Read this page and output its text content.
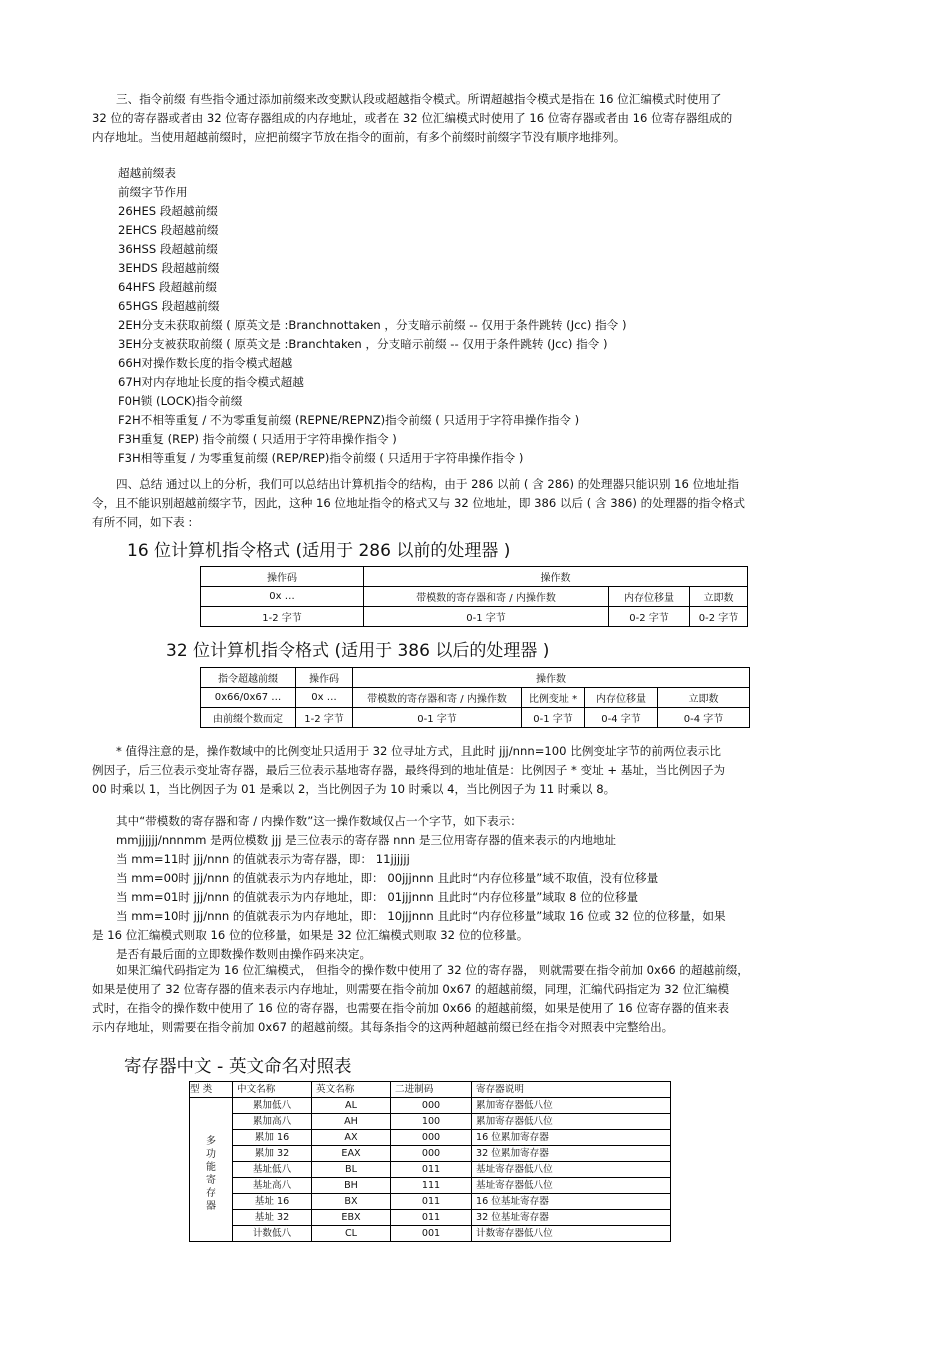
三、指令前缀 有些指令通过添加前缀来改变默认段或超越指令模式。所谓超越指令模式是指在 16 位汇编模式时使用了
32 位的寄存器或者由 32 位寄存器组成的内存地址，或者在 32 位汇编模式时使用了 16 位寄存器或者由 16 位寄存器组成的
内存地址。当使用超越前缀时，应把前缀字节放在指令的面前，有多个前缀时前缀字节没有顺序地排列。
超越前缀表
前缀字节作用
26HES 段超越前缀
2EHCS 段超越前缀
36HSS 段超越前缀
3EHDS 段超越前缀
64HFS 段超越前缀
65HGS 段超越前缀
2EH分支未获取前缀 ( 原英文是 :Branchnottaken ，分支暗示前缀 -- 仅用于条件跳转 (Jcc) 指令 )
3EH分支被获取前缀 ( 原英文是 :Branchtaken ，分支暗示前缀 -- 仅用于条件跳转 (Jcc) 指令 )
66H对操作数长度的指令模式超越
67H对内存地址长度的指令模式超越
F0H锁 (LOCK)指令前缀
F2H不相等重复 / 不为零重复前缀 (REPNE/REPNZ)指令前缀 ( 只适用于字符串操作指令 )
F3H重复 (REP) 指令前缀 ( 只适用于字符串操作指令 )
F3H相等重复 / 为零重复前缀 (REP/REP)指令前缀 ( 只适用于字符串操作指令 )
四、总结 通过以上的分析，我们可以总结出计算机指令的结构，由于 286 以前 ( 含 286) 的处理器只能识别 16 位地址指
令，且不能识别超越前缀字节，因此，这种 16 位地址指令的格式又与 32 位地址，即 386 以后 ( 含 386) 的处理器的指令格式
有所不同，如下表 :
16 位计算机指令格式 (适用于 286 以前的处理器 )
操作码	操作数		
0x …	带模数的寄存器和寄 / 内操作数	内存位移量	立即数
1-2 字节	0-1 字节	0-2 字节	0-2 字节
32 位计算机指令格式 (适用于 386 以后的处理器 )
指令超越前缀	操作码	操作数			
0x66/0x67 …	0x …	带模数的寄存器和寄 / 内操作数	比例变址 *	内存位移量	立即数
由前缀个数而定	1-2 字节	0-1 字节	0-1 字节	0-4 字节	0-4 字节
* 值得注意的是，操作数域中的比例变址只适用于 32 位寻址方式，且此时 jjj/nnn=100 比例变址字节的前两位表示比
例因子，后三位表示变址寄存器，最后三位表示基地寄存器，最终得到的地址值是：比例因子 * 变址 + 基址，当比例因子为
00 时乘以 1，当比例因子为 01 是乘以 2，当比例因子为 10 时乘以 4，当比例因子为 11 时乘以 8。
其中“带模数的寄存器和寄 / 内操作数”这一操作数域仅占一个字节，如下表示：
mmjjjjjj/nnnmm 是两位模数 jjj 是三位表示的寄存器 nnn 是三位用寄存器的值来表示的内地地址
当 mm=11时 jjj/nnn 的值就表示为寄存器，即： 11jjjjjj
当 mm=00时 jjj/nnn 的值就表示为内存地址，即： 00jjjnnn 且此时“内存位移量”域不取值，没有位移量
当 mm=01时 jjj/nnn 的值就表示为内存地址，即： 01jjjnnn 且此时“内存位移量”域取 8 位的位移量
当 mm=10时 jjj/nnn 的值就表示为内存地址，即： 10jjjnnn 且此时“内存位移量”域取 16 位或 32 位的位移量，如果
是 16 位汇编模式则取 16 位的位移量，如果是 32 位汇编模式则取 32 位的位移量。
是否有最后面的立即数操作数则由操作码来决定。
如果汇编代码指定为 16 位汇编模式， 但指令的操作数中使用了 32 位的寄存器， 则就需要在指令前加 0x66 的超越前缀，
如果是使用了 32 位寄存器的值来表示内存地址，则需要在指令前加 0x67 的超越前缀，同理，汇编代码指定为 32 位汇编模
式时，在指令的操作数中使用了 16 位的寄存器，也需要在指令前加 0x66 的超越前缀，如果是使用了 16 位寄存器的值来表
示内存地址，则需要在指令前加 0x67 的超越前缀。其每条指令的这两种超越前缀已经在指令对照表中完整给出。
寄存器中文 - 英文命名对照表
型 类	中文名称	英文名称	二进制码	寄存器说明

多功能寄存器	累加低八	AL	000	累加寄存器低八位
	累加高八	AH	100	累加寄存器低八位
	累加 16	AX	000	16 位累加寄存器
	累加 32	EAX	000	32 位累加寄存器
	基址低八	BL	011	基址寄存器低八位
	基址高八	BH	111	基址寄存器低八位
	基址 16	BX	011	16 位基址寄存器
	基址 32	EBX	011	32 位基址寄存器
	计数低八	CL	001	计数寄存器低八位
